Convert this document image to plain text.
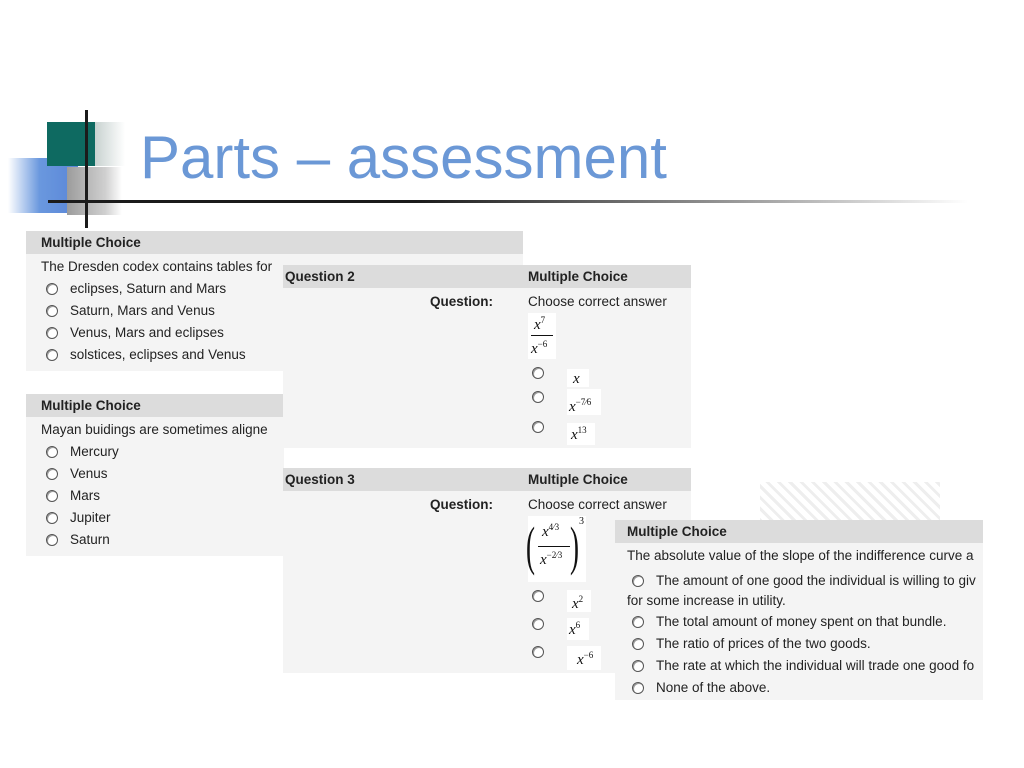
Parts – assessment
Multiple Choice
The Dresden codex contains tables for
eclipses, Saturn and Mars
Saturn, Mars and Venus
Venus, Mars and eclipses
solstices, eclipses and Venus
Multiple Choice
Mayan buidings are sometimes aligne
Mercury
Venus
Mars
Jupiter
Saturn
Question 2	Multiple Choice
Question:	Choose correct answer
$x^7$
$x^{-6}$
x
$x^{-7⁄6}$
$x^{13}$
Question 3	Multiple Choice
Question:	Choose correct answer
( )
$x^{4⁄3}$
$x^{-2⁄3}$
3
$x^2$
$x^6$
$x^{-6}$
Multiple Choice
The absolute value of the slope of the indifference curve a
The amount of one good the individual is willing to giv
for some increase in utility.
The total amount of money spent on that bundle.
The ratio of prices of the two goods.
The rate at which the individual will trade one good fo
None of the above.
